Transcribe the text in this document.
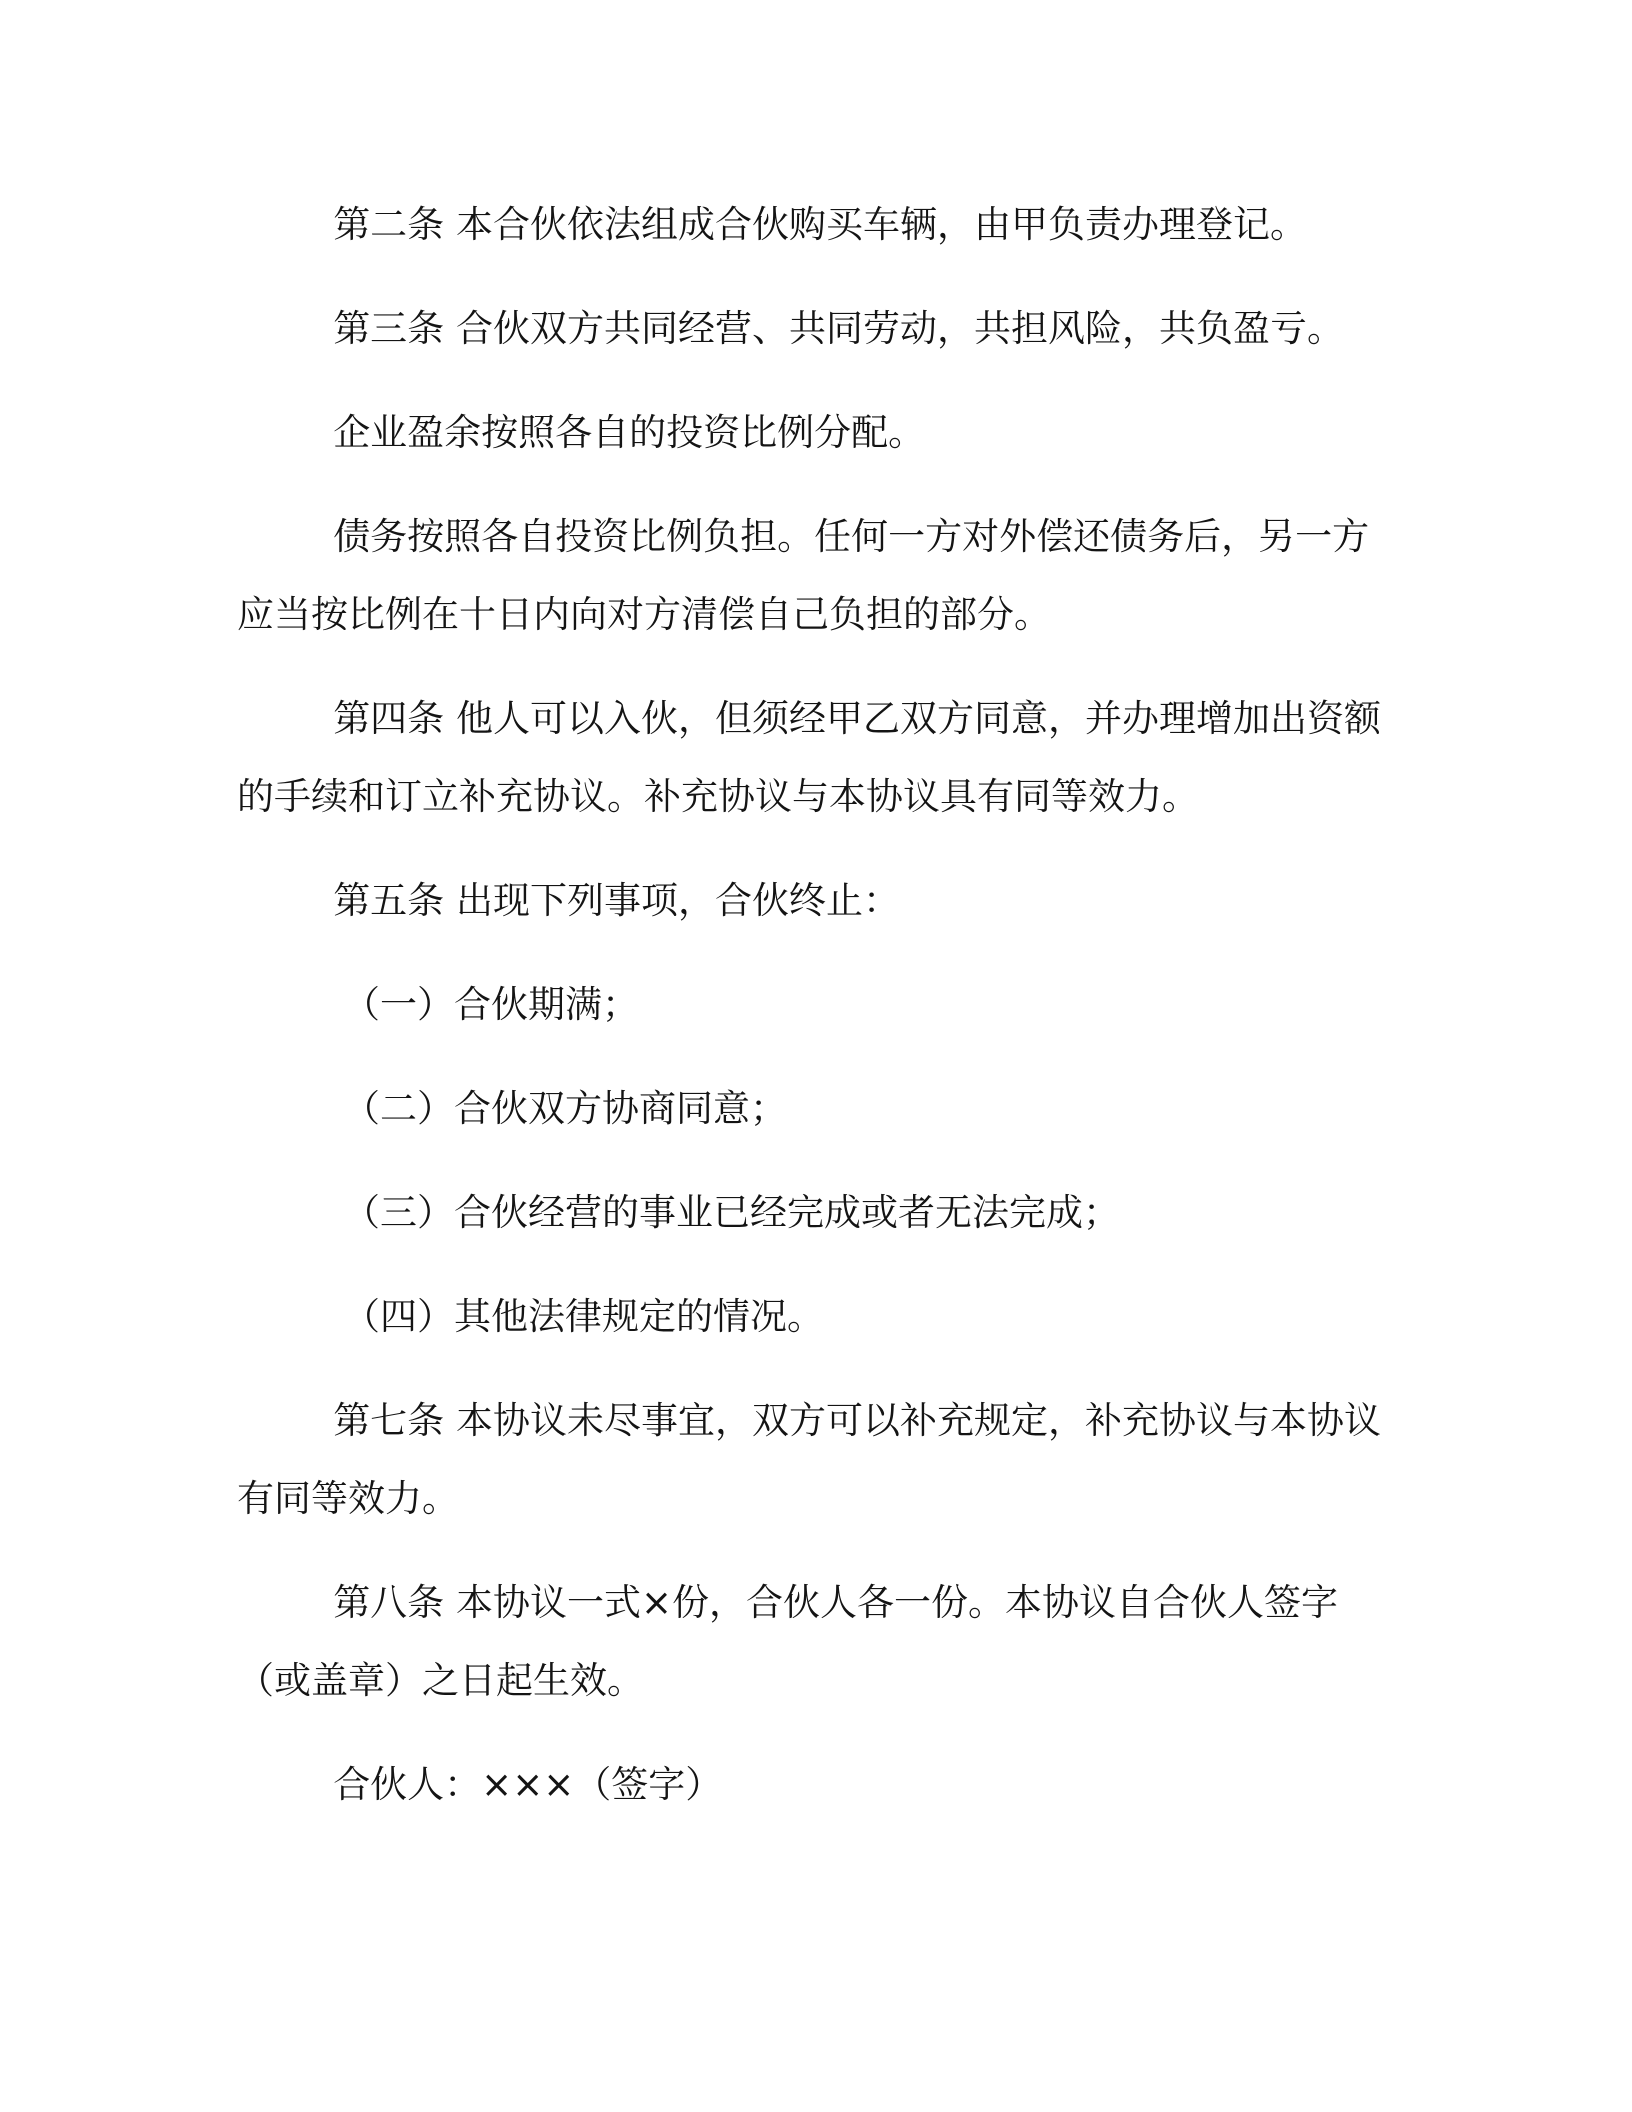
第二条 本合伙依法组成合伙购买车辆，由甲负责办理登记。

第三条 合伙双方共同经营、共同劳动，共担风险，共负盈亏。

企业盈余按照各自的投资比例分配。

债务按照各自投资比例负担。任何一方对外偿还债务后，另一方应当按比例在十日内向对方清偿自己负担的部分。

第四条 他人可以入伙，但须经甲乙双方同意，并办理增加出资额的手续和订立补充协议。补充协议与本协议具有同等效力。

第五条 出现下列事项，合伙终止：

（一）合伙期满；
（二）合伙双方协商同意；
（三）合伙经营的事业已经完成或者无法完成；
（四）其他法律规定的情况。

第七条 本协议未尽事宜，双方可以补充规定，补充协议与本协议有同等效力。

第八条 本协议一式×份，合伙人各一份。本协议自合伙人签字（或盖章）之日起生效。

合伙人：×××（签字）
